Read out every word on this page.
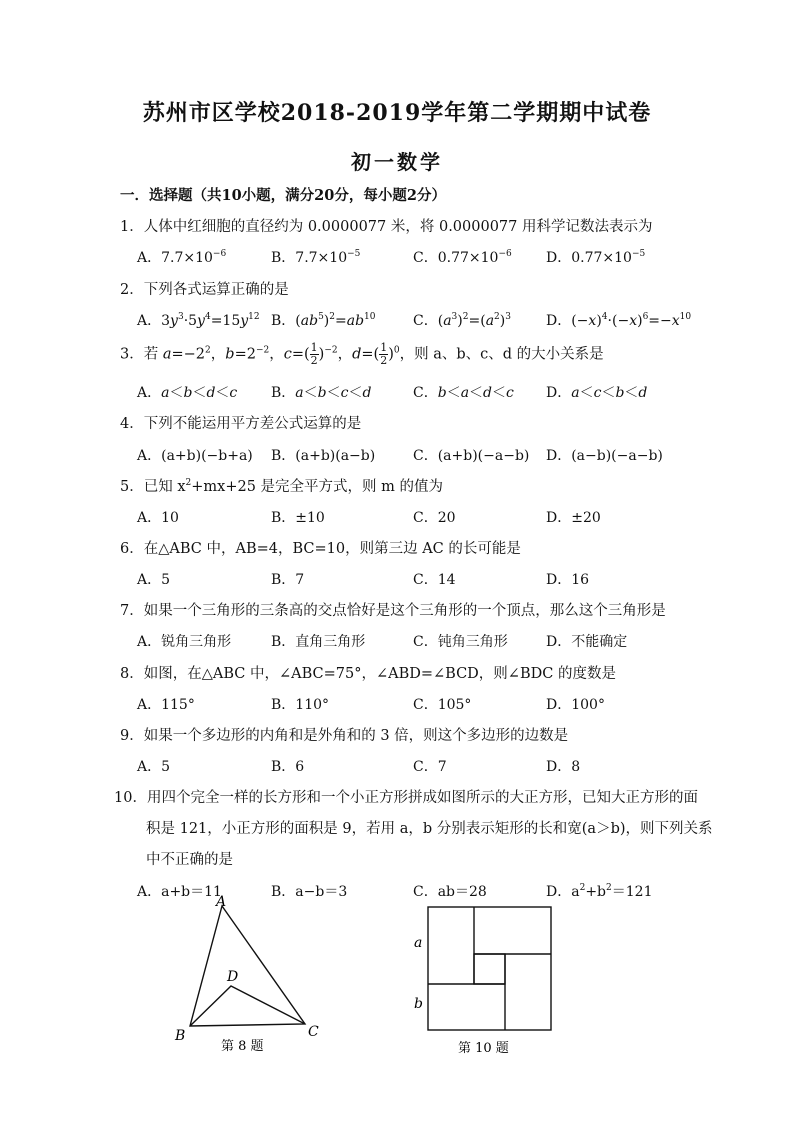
苏州市区学校2018-2019学年第二学期期中试卷
初一数学
一．选择题（共10小题，满分20分，每小题2分）
1．人体中红细胞的直径约为 0.0000077 米，将 0.0000077 用科学记数法表示为
A．$7.7\times 10^{-6}$	B．$7.7\times 10^{-5}$	C．$0.77\times 10^{-6}$ D．$0.77\times 10^{-5}$
2．下列各式运算正确的是
A．$3y^3\cdot 5y^4=15y^{12}$ B．$(ab^5)^2=ab^{10}$	C．$(a^3)^2=(a^2)^3$	D．$(-x)^4\cdot(-x)^6=-x^{10}$
3．若 $a=-2^2$，$b=2^{-2}$，$c=( \frac{1}{2} )^{-2}$，$d=( \frac{1}{2} )^0$，则 a、b、c、d 的大小关系是
A．a＜b＜d＜c B．a＜b＜c＜d	C．b＜a＜d＜c D．a＜c＜b＜d
4．下列不能运用平方差公式运算的是
A．(a+b)(−b+a) B．(a+b)(a−b)	C．(a+b)(−a−b) D．(a−b)(−a−b)
5．已知 $x^2+mx+25$ 是完全平方式，则 m 的值为
A．10	B．±10	C．20	D．±20
6．在△ABC 中，AB=4，BC=10，则第三边 AC 的长可能是
A．5	B．7	C．14	D．16
7．如果一个三角形的三条高的交点恰好是这个三角形的一个顶点，那么这个三角形是
A．锐角三角形	B．直角三角形	C．钝角三角形	D．不能确定
8．如图，在△ABC 中，∠ABC=75°，∠ABD=∠BCD，则∠BDC 的度数是
A．115°	B．110°	C．105°	D．100°
9．如果一个多边形的内角和是外角和的 3 倍，则这个多边形的边数是
A．5	B．6	C．7	D．8
10．用四个完全一样的长方形和一个小正方形拼成如图所示的大正方形，已知大正方形的面
积是 121，小正方形的面积是 9，若用 a，b 分别表示矩形的长和宽(a＞b)，则下列关系
中不正确的是
A．a+b＝11	B．a−b＝3	C．ab＝28	D．$a^2+b^2=121$
A
B	C
D
第 8 题
a
b
第 10 题
